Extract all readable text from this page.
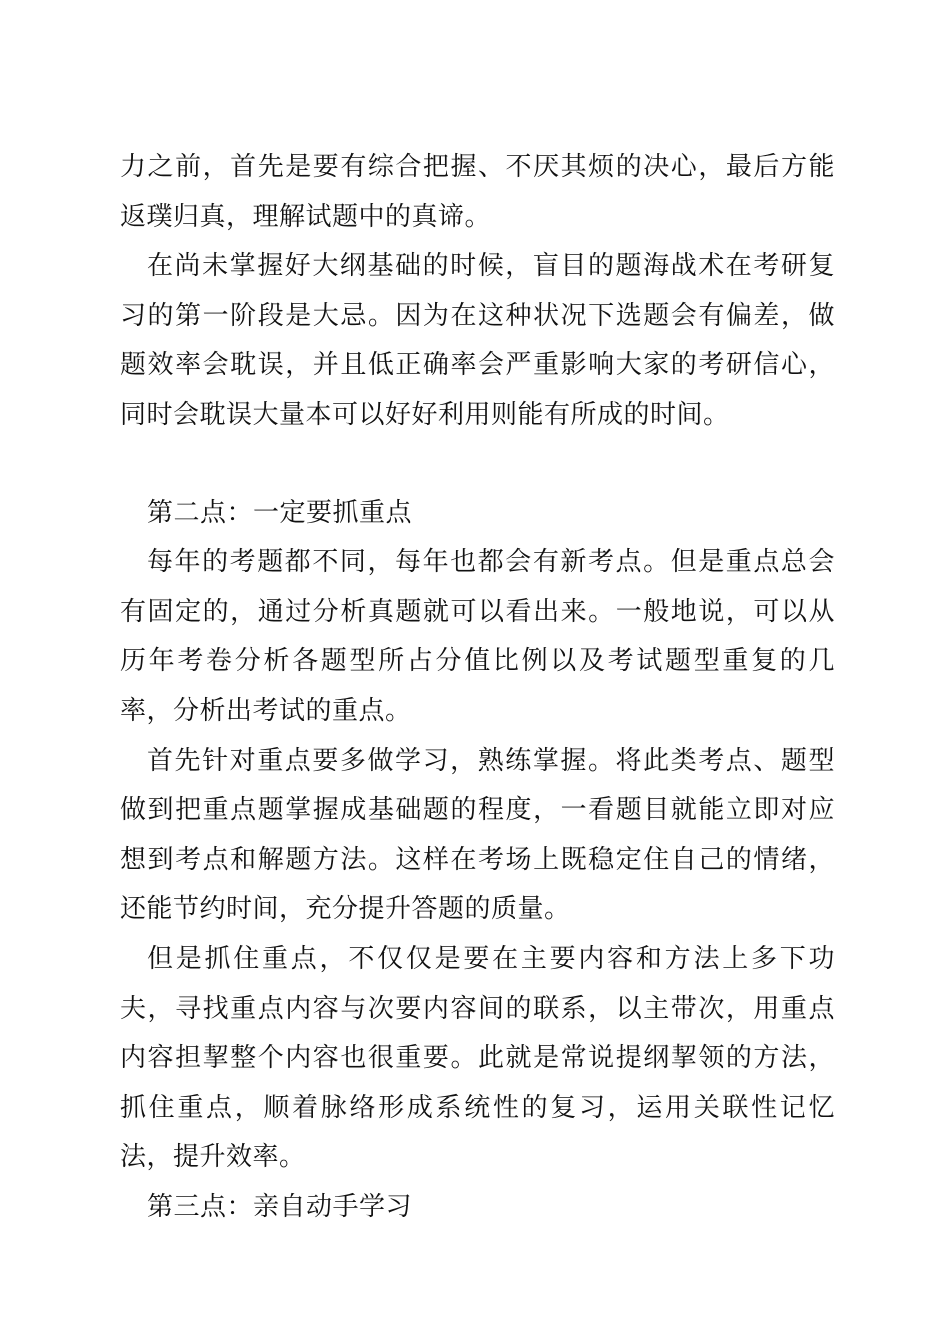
力之前，首先是要有综合把握、不厌其烦的决心，最后方能返璞归真，理解试题中的真谛。

在尚未掌握好大纲基础的时候，盲目的题海战术在考研复习的第一阶段是大忌。因为在这种状况下选题会有偏差，做题效率会耽误，并且低正确率会严重影响大家的考研信心，同时会耽误大量本可以好好利用则能有所成的时间。

第二点：一定要抓重点

每年的考题都不同，每年也都会有新考点。但是重点总会有固定的，通过分析真题就可以看出来。一般地说，可以从历年考卷分析各题型所占分值比例以及考试题型重复的几率，分析出考试的重点。

首先针对重点要多做学习，熟练掌握。将此类考点、题型做到把重点题掌握成基础题的程度，一看题目就能立即对应想到考点和解题方法。这样在考场上既稳定住自己的情绪，还能节约时间，充分提升答题的质量。

但是抓住重点，不仅仅是要在主要内容和方法上多下功夫，寻找重点内容与次要内容间的联系，以主带次，用重点内容担挈整个内容也很重要。此就是常说提纲挈领的方法，抓住重点，顺着脉络形成系统性的复习，运用关联性记忆法，提升效率。

第三点：亲自动手学习
